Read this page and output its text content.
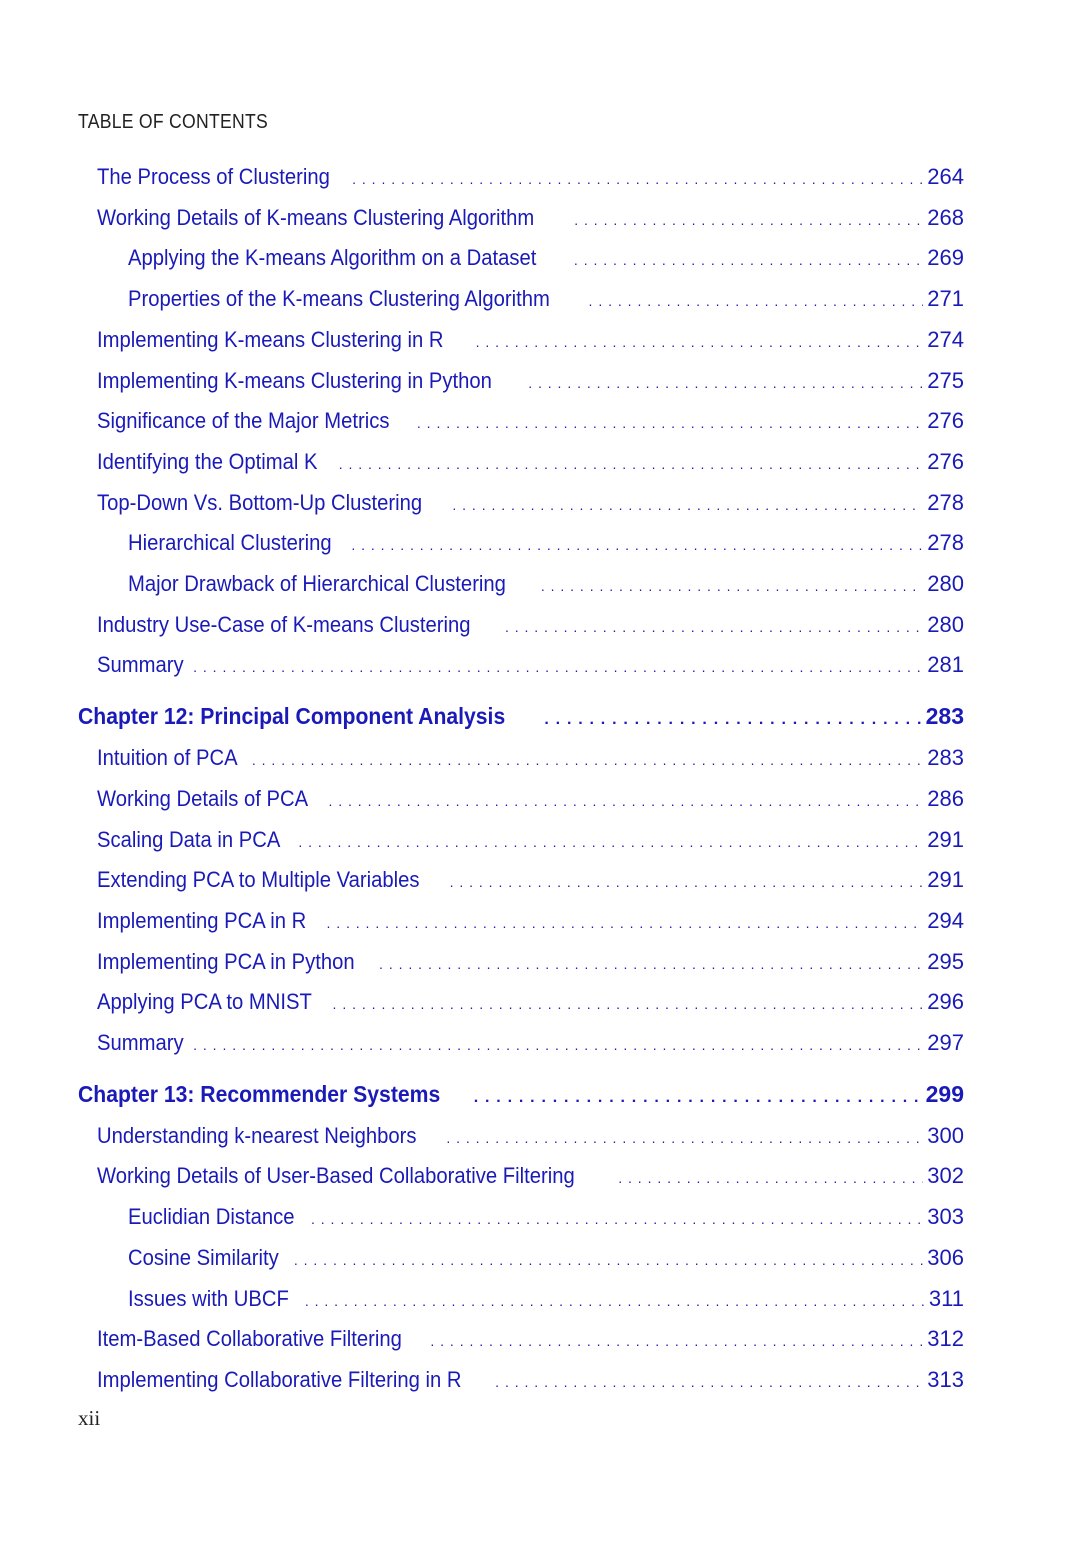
TABLE OF CONTENTS
The Process of Clustering . . .	264
Working Details of K-means Clustering Algorithm . . .	268
Applying the K-means Algorithm on a Dataset . . .	269
Properties of the K-means Clustering Algorithm . . .	271
Implementing K-means Clustering in R . . .	274
Implementing K-means Clustering in Python . . .	275
Significance of the Major Metrics . . .	276
Identifying the Optimal K . . .	276
Top-Down Vs. Bottom-Up Clustering . . .	278
Hierarchical Clustering . . .	278
Major Drawback of Hierarchical Clustering . . .	280
Industry Use-Case of K-means Clustering . . .	280
Summary . . .	281
Chapter 12: Principal Component Analysis . . .	283
Intuition of PCA . . .	283
Working Details of PCA . . .	286
Scaling Data in PCA . . .	291
Extending PCA to Multiple Variables . . .	291
Implementing PCA in R . . .	294
Implementing PCA in Python . . .	295
Applying PCA to MNIST . . .	296
Summary . . .	297
Chapter 13: Recommender Systems . . .	299
Understanding k-nearest Neighbors . . .	300
Working Details of User-Based Collaborative Filtering . . .	302
Euclidian Distance . . .	303
Cosine Similarity . . .	306
Issues with UBCF . . .	311
Item-Based Collaborative Filtering . . .	312
Implementing Collaborative Filtering in R . . .	313
xii
